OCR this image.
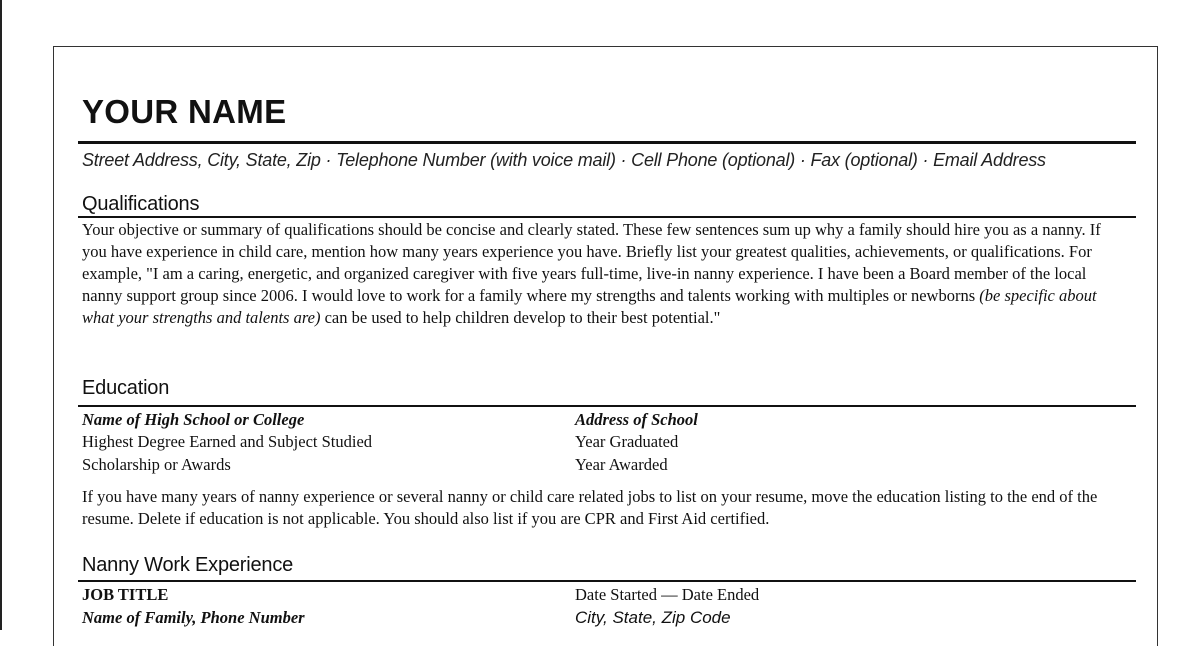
YOUR NAME
Street Address, City, State, Zip · Telephone Number (with voice mail) · Cell Phone (optional) · Fax (optional) · Email Address
Qualifications
Your objective or summary of qualifications should be concise and clearly stated. These few sentences sum up why a family should hire you as a nanny. If you have experience in child care, mention how many years experience you have. Briefly list your greatest qualities, achievements, or qualifications. For example, "I am a caring, energetic, and organized caregiver with five years full-time, live-in nanny experience. I have been a Board member of the local nanny support group since 2006. I would love to work for a family where my strengths and talents working with multiples or newborns (be specific about what your strengths and talents are) can be used to help children develop to their best potential."
Education
Name of High School or College	Address of School
Highest Degree Earned and Subject Studied	Year Graduated
Scholarship or Awards	Year Awarded
If you have many years of nanny experience or several nanny or child care related jobs to list on your resume, move the education listing to the end of the resume. Delete if education is not applicable. You should also list if you are CPR and First Aid certified.
Nanny Work Experience
JOB TITLE	Date Started — Date Ended
Name of Family, Phone Number	City, State, Zip Code
